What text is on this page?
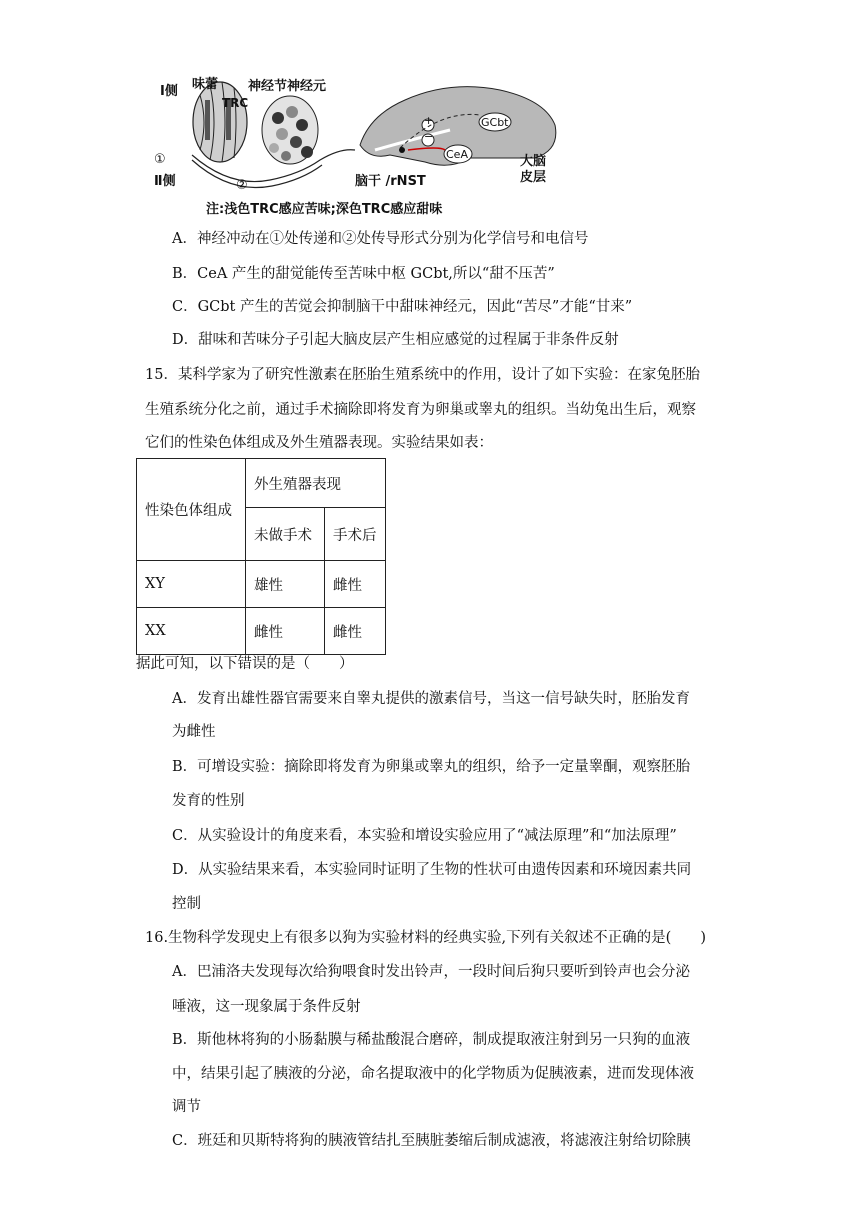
Ⅰ侧 味蕾
TRC
神经节神经元
①
Ⅱ侧	②
+
−
GCbt
CeA
脑干 /rNST
大脑
皮层
注:浅色TRC感应苦味;深色TRC感应甜味
A．神经冲动在①处传递和②处传导形式分别为化学信号和电信号
B．CeA 产生的甜觉能传至苦味中枢 GCbt,所以“甜不压苦”
C．GCbt 产生的苦觉会抑制脑干中甜味神经元，因此“苦尽”才能“甘来”
D．甜味和苦味分子引起大脑皮层产生相应感觉的过程属于非条件反射
15．某科学家为了研究性激素在胚胎生殖系统中的作用，设计了如下实验：在家兔胚胎
生殖系统分化之前，通过手术摘除即将发育为卵巢或睾丸的组织。当幼兔出生后，观察
它们的性染色体组成及外生殖器表现。实验结果如表：
性染色体组成	外生殖器表现	
	未做手术	手术后
XY	雄性	雌性
XX	雌性	雌性
据此可知，以下错误的是（　　）
A．发育出雄性器官需要来自睾丸提供的激素信号，当这一信号缺失时，胚胎发育
为雌性
B．可增设实验：摘除即将发育为卵巢或睾丸的组织，给予一定量睾酮，观察胚胎
发育的性别
C．从实验设计的角度来看，本实验和增设实验应用了“减法原理”和“加法原理”
D．从实验结果来看，本实验同时证明了生物的性状可由遗传因素和环境因素共同
控制
16.生物科学发现史上有很多以狗为实验材料的经典实验,下列有关叙述不正确的是(　　)
A．巴浦洛夫发现每次给狗喂食时发出铃声，一段时间后狗只要听到铃声也会分泌
唾液，这一现象属于条件反射
B．斯他林将狗的小肠黏膜与稀盐酸混合磨碎，制成提取液注射到另一只狗的血液
中，结果引起了胰液的分泌，命名提取液中的化学物质为促胰液素，进而发现体液
调节
C．班廷和贝斯特将狗的胰液管结扎至胰脏萎缩后制成滤液，将滤液注射给切除胰
